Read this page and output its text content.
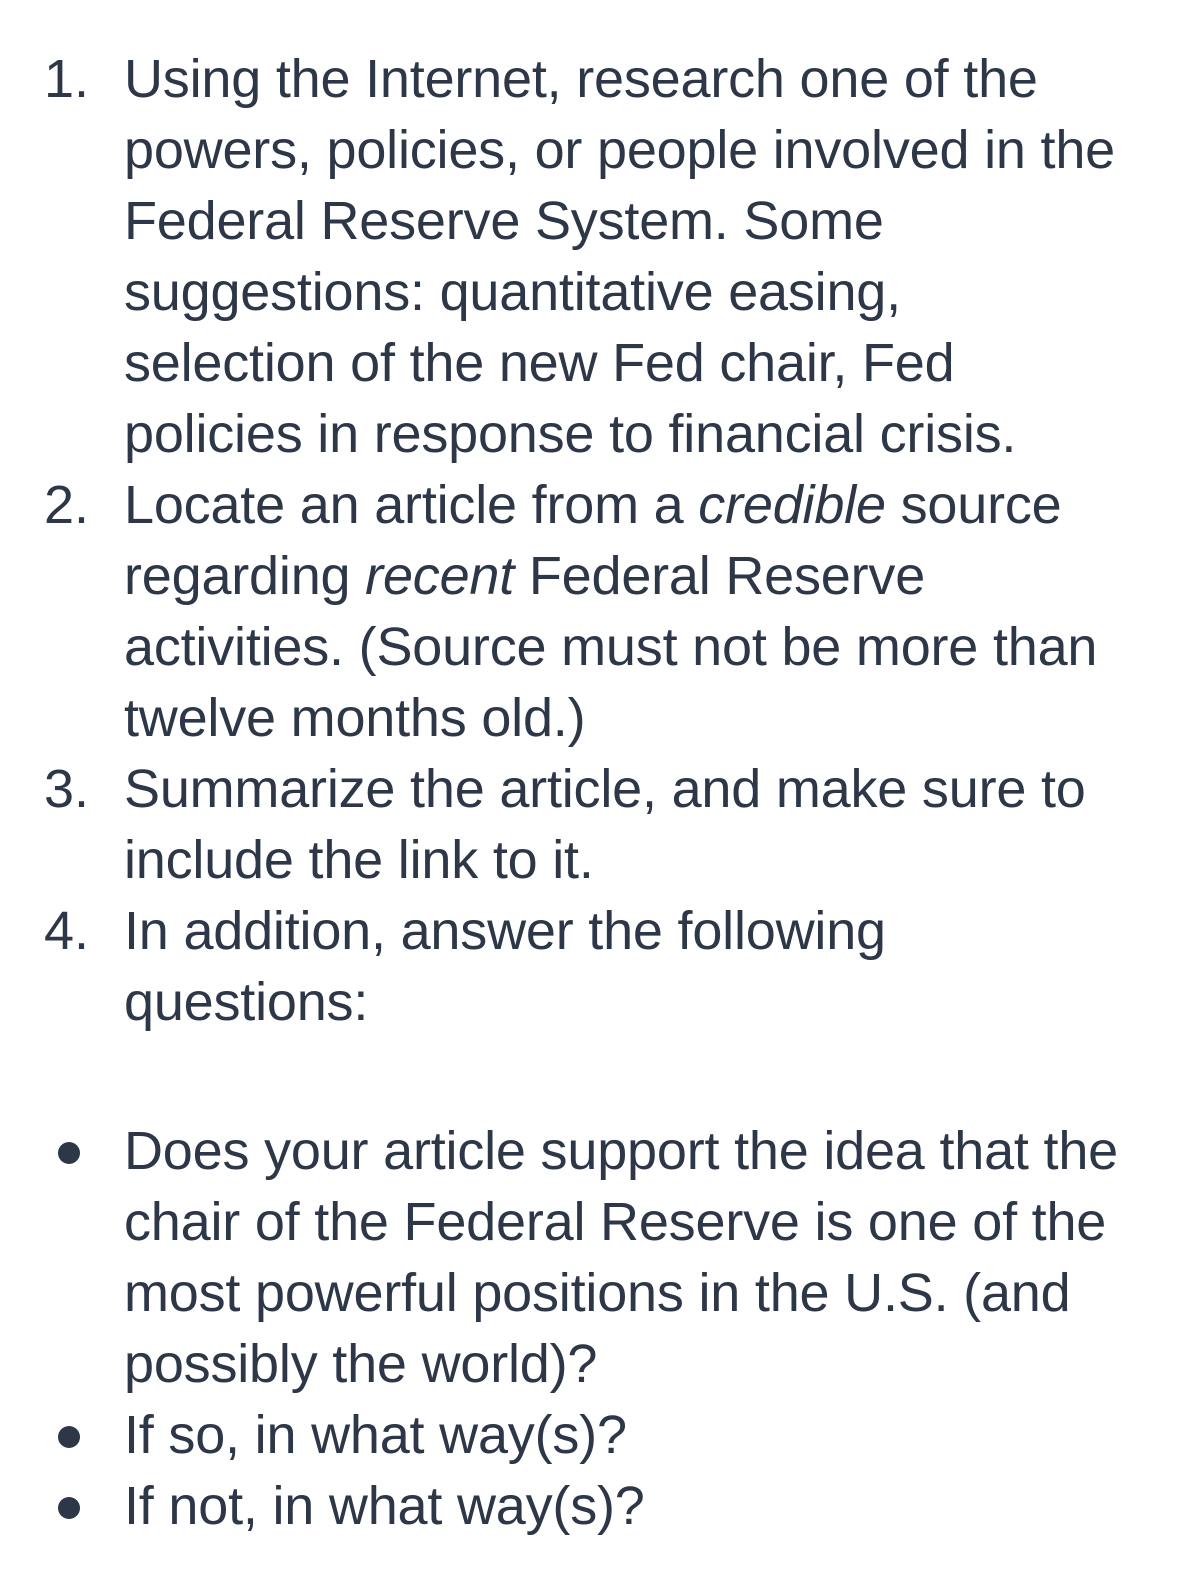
1. Using the Internet, research one of the
powers, policies, or people involved in the
Federal Reserve System. Some
suggestions: quantitative easing,
selection of the new Fed chair, Fed
policies in response to financial crisis.
2. Locate an article from a credible source
regarding recent Federal Reserve
activities. (Source must not be more than
twelve months old.)
3. Summarize the article, and make sure to
include the link to it.
4. In addition, answer the following
questions:
Does your article support the idea that the
chair of the Federal Reserve is one of the
most powerful positions in the U.S. (and
possibly the world)?
If so, in what way(s)?
If not, in what way(s)?
